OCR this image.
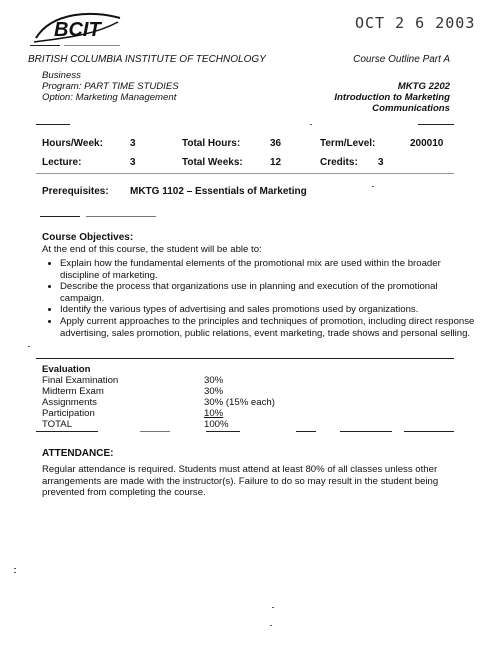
BCIT	OCT 2 6 2003
BRITISH COLUMBIA INSTITUTE OF TECHNOLOGY	Course Outline Part A
Business
Program: PART TIME STUDIES	MKTG 2202
Option: Marketing Management	Introduction to Marketing
Communications
Hours/Week:	3	Total Hours:	36	Term/Level:	200010
Lecture:	3	Total Weeks:	12	Credits: 3
Prerequisites: MKTG 1102 – Essentials of Marketing
Course Objectives:
At the end of this course, the student will be able to:
• Explain how the fundamental elements of the promotional mix are used within the broader discipline of marketing.
• Describe the process that organizations use in planning and execution of the promotional campaign.
• Identify the various types of advertising and sales promotions used by organizations.
• Apply current approaches to the principles and techniques of promotion, including direct response advertising, sales promotion, public relations, event marketing, trade shows and personal selling.
Evaluation
Final Examination	30%
Midterm Exam	30%
Assignments	30% (15% each)
Participation	10%
TOTAL	100%
ATTENDANCE:
Regular attendance is required. Students must attend at least 80% of all classes unless other arrangements are made with the instructor(s). Failure to do so may result in the student being prevented from completing the course.
